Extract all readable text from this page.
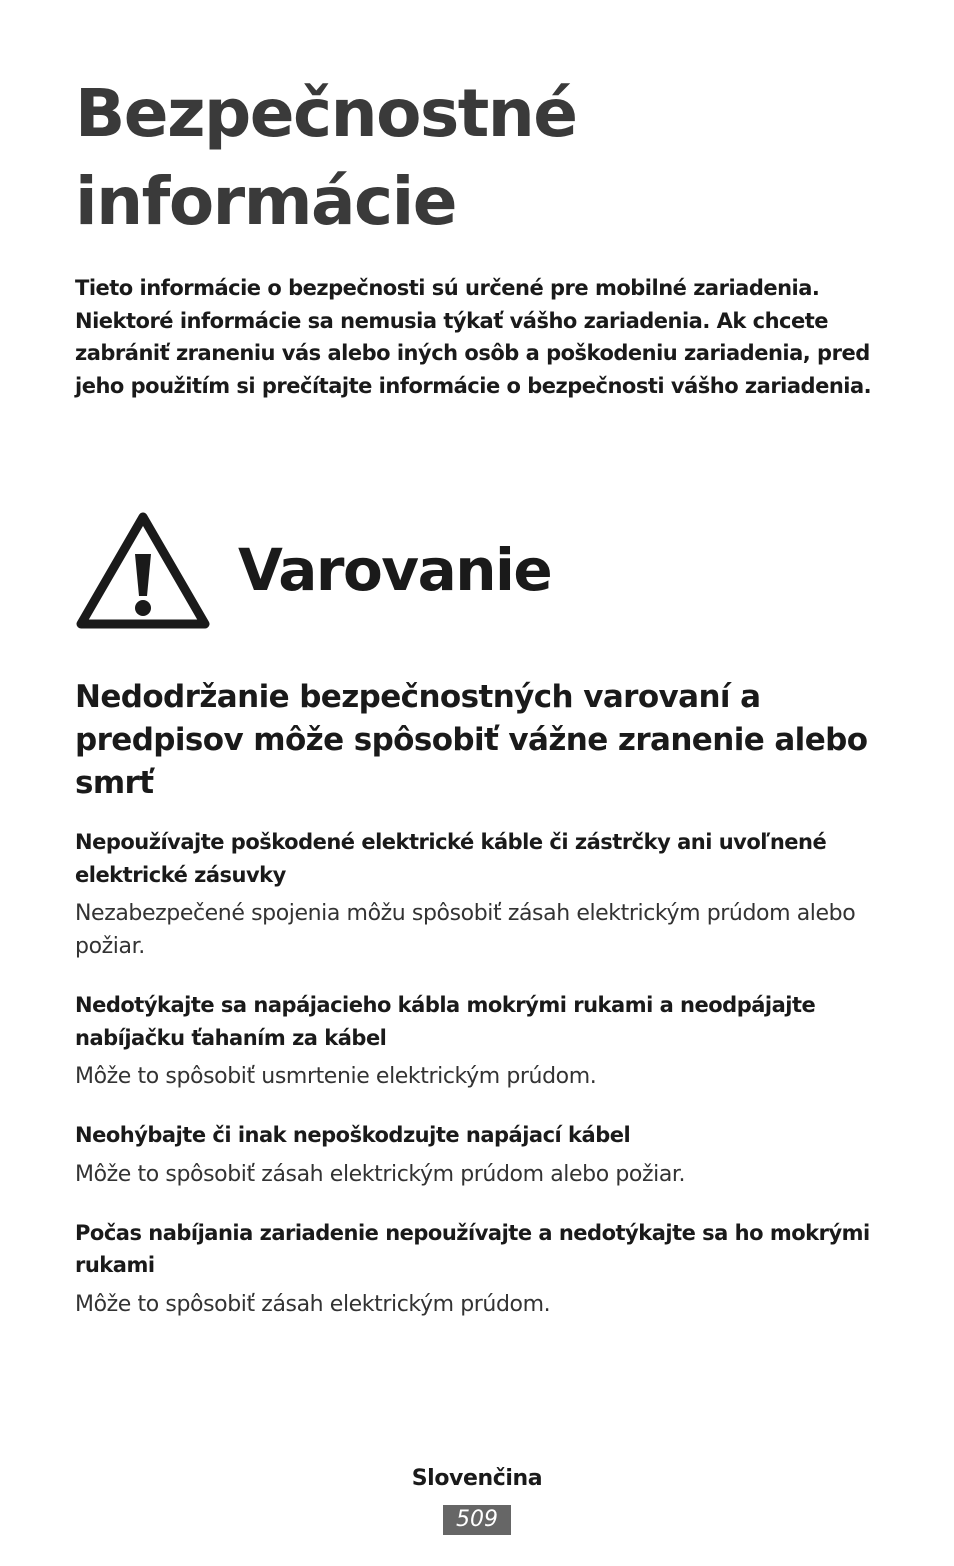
Bezpečnostné informácie

Tieto informácie o bezpečnosti sú určené pre mobilné zariadenia. Niektoré informácie sa nemusia týkať vášho zariadenia. Ak chcete zabrániť zraneniu vás alebo iných osôb a poškodeniu zariadenia, pred jeho použitím si prečítajte informácie o bezpečnosti vášho zariadenia.

Varovanie
Nedodržanie bezpečnostných varovaní a predpisov môže spôsobiť vážne zranenie alebo smrť

Nepoužívajte poškodené elektrické káble či zástrčky ani uvoľnené elektrické zásuvky

Nezabezpečené spojenia môžu spôsobiť zásah elektrickým prúdom alebo požiar.

Nedotýkajte sa napájacieho kábla mokrými rukami a neodpájajte nabíjačku ťahaním za kábel

Môže to spôsobiť usmrtenie elektrickým prúdom.

Neohýbajte či inak nepoškodzujte napájací kábel

Môže to spôsobiť zásah elektrickým prúdom alebo požiar.

Počas nabíjania zariadenie nepoužívajte a nedotýkajte sa ho mokrými rukami

Môže to spôsobiť zásah elektrickým prúdom.

Slovenčina

509
